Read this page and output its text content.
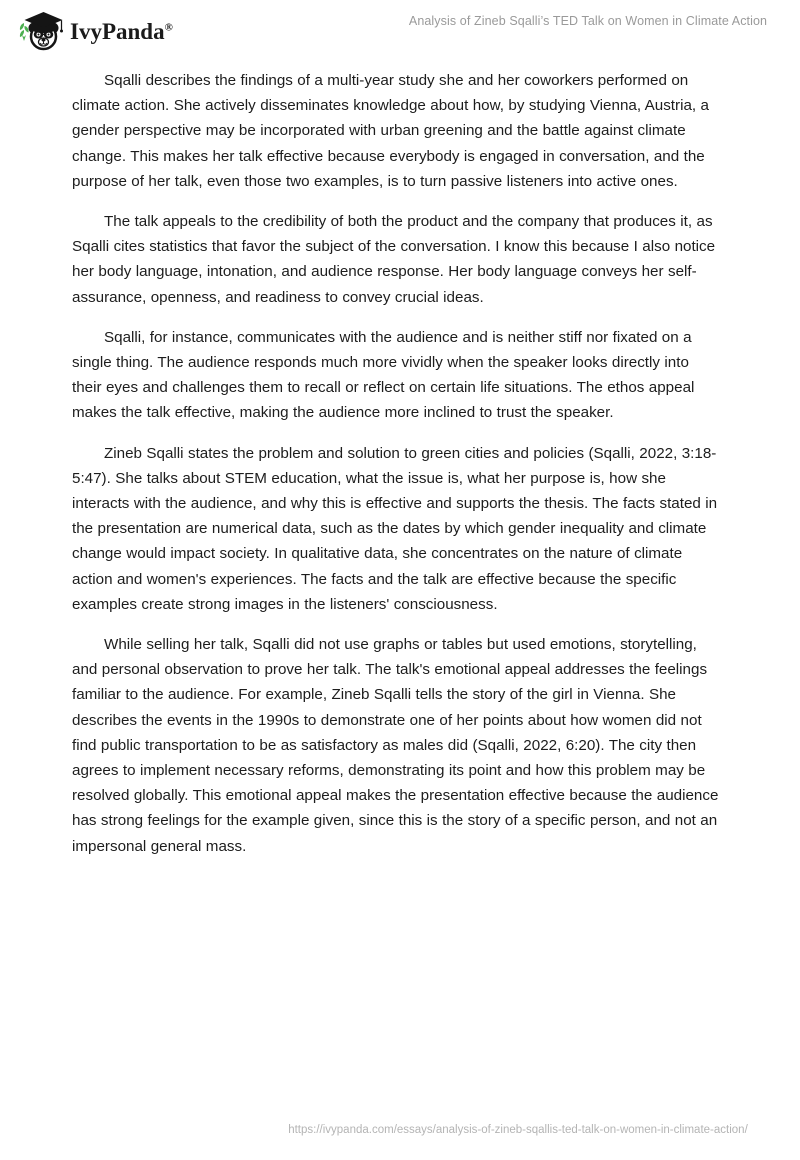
IvyPanda®	Analysis of Zineb Sqalli’s TED Talk on Women in Climate Action

Sqalli describes the findings of a multi-year study she and her coworkers performed on climate action. She actively disseminates knowledge about how, by studying Vienna, Austria, a gender perspective may be incorporated with urban greening and the battle against climate change. This makes her talk effective because everybody is engaged in conversation, and the purpose of her talk, even those two examples, is to turn passive listeners into active ones.

The talk appeals to the credibility of both the product and the company that produces it, as Sqalli cites statistics that favor the subject of the conversation. I know this because I also notice her body language, intonation, and audience response. Her body language conveys her self-assurance, openness, and readiness to convey crucial ideas.

Sqalli, for instance, communicates with the audience and is neither stiff nor fixated on a single thing. The audience responds much more vividly when the speaker looks directly into their eyes and challenges them to recall or reflect on certain life situations. The ethos appeal makes the talk effective, making the audience more inclined to trust the speaker.

Zineb Sqalli states the problem and solution to green cities and policies (Sqalli, 2022, 3:18-5:47). She talks about STEM education, what the issue is, what her purpose is, how she interacts with the audience, and why this is effective and supports the thesis. The facts stated in the presentation are numerical data, such as the dates by which gender inequality and climate change would impact society. In qualitative data, she concentrates on the nature of climate action and women's experiences. The facts and the talk are effective because the specific examples create strong images in the listeners' consciousness.

While selling her talk, Sqalli did not use graphs or tables but used emotions, storytelling, and personal observation to prove her talk. The talk's emotional appeal addresses the feelings familiar to the audience. For example, Zineb Sqalli tells the story of the girl in Vienna. She describes the events in the 1990s to demonstrate one of her points about how women did not find public transportation to be as satisfactory as males did (Sqalli, 2022, 6:20). The city then agrees to implement necessary reforms, demonstrating its point and how this problem may be resolved globally. This emotional appeal makes the presentation effective because the audience has strong feelings for the example given, since this is the story of a specific person, and not an impersonal general mass.

https://ivypanda.com/essays/analysis-of-zineb-sqallis-ted-talk-on-women-in-climate-action/
